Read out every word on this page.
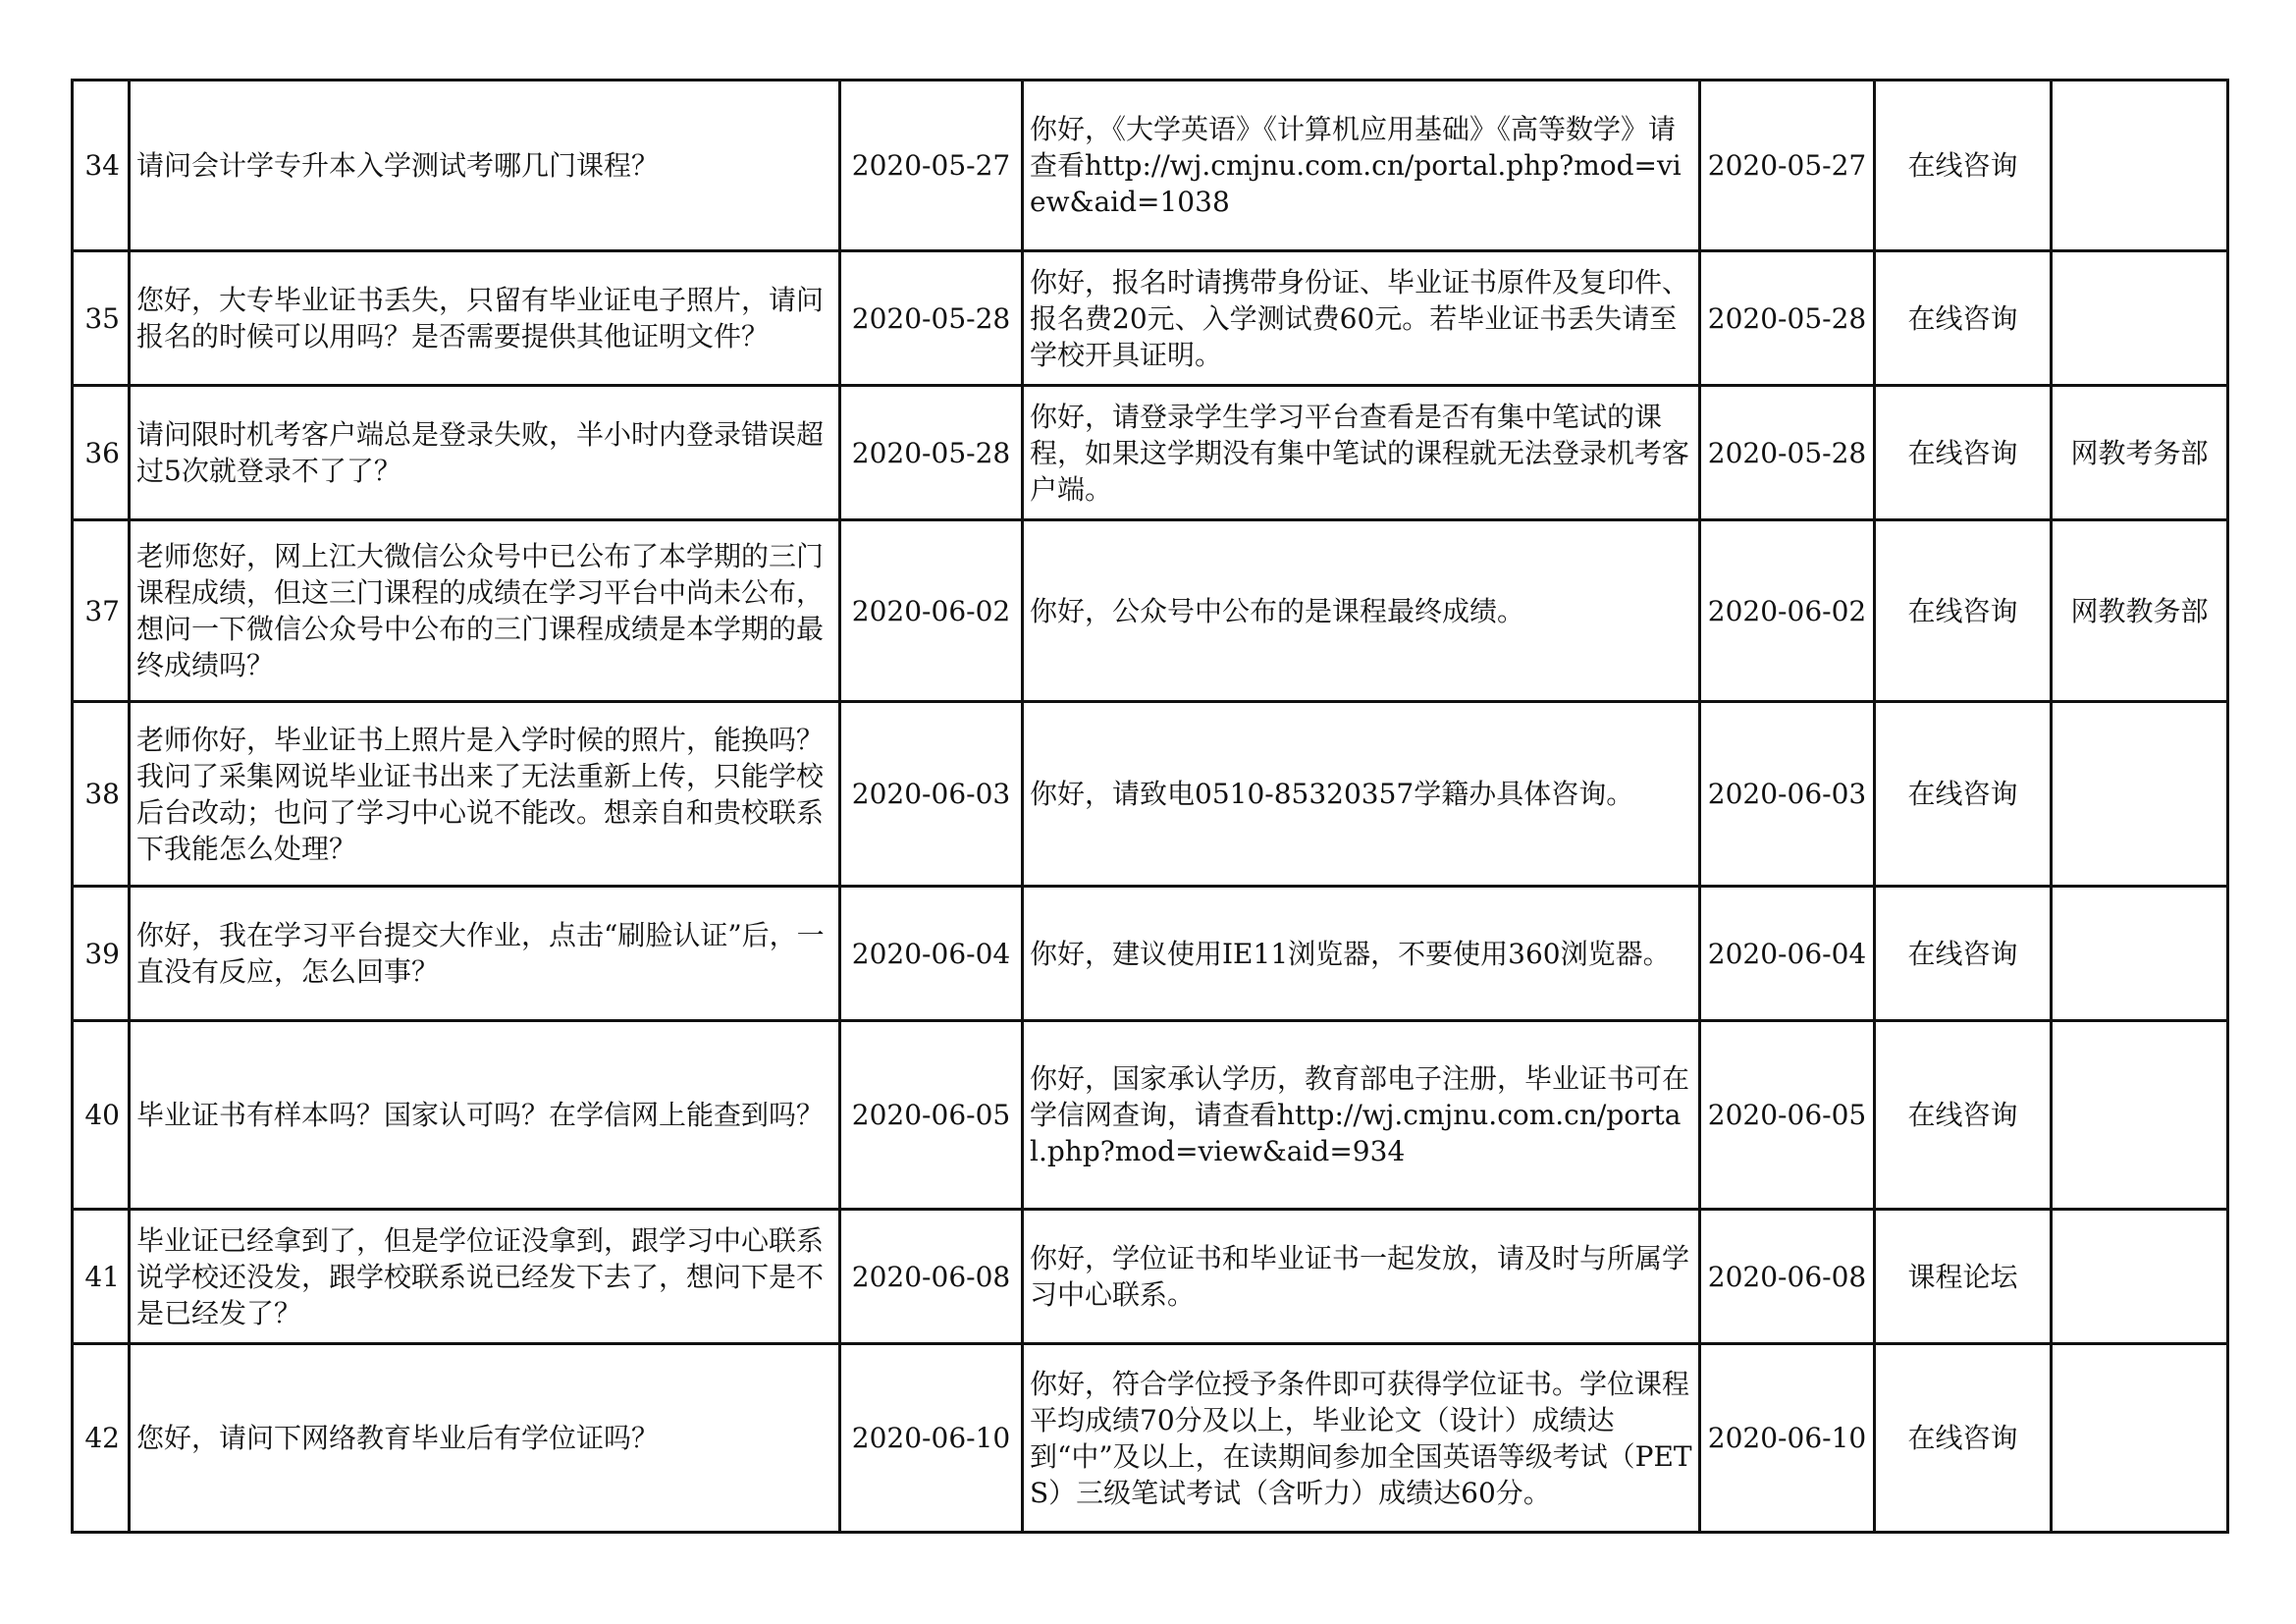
34	请问会计学专升本入学测试考哪几门课程？	2020-05-27	你好，《大学英语》《计算机应用基础》《高等数学》请查看http://wj.cmjnu.com.cn/portal.php?mod=view&aid=1038	2020-05-27	在线咨询	
35	您好，大专毕业证书丢失，只留有毕业证电子照片，请问报名的时候可以用吗？是否需要提供其他证明文件？	2020-05-28	你好，报名时请携带身份证、毕业证书原件及复印件、报名费20元、入学测试费60元。若毕业证书丢失请至学校开具证明。	2020-05-28	在线咨询	
36	请问限时机考客户端总是登录失败，半小时内登录错误超过5次就登录不了了？	2020-05-28	你好，请登录学生学习平台查看是否有集中笔试的课程，如果这学期没有集中笔试的课程就无法登录机考客户端。	2020-05-28	在线咨询	网教考务部
37	老师您好，网上江大微信公众号中已公布了本学期的三门课程成绩，但这三门课程的成绩在学习平台中尚未公布，想问一下微信公众号中公布的三门课程成绩是本学期的最终成绩吗？	2020-06-02	你好，公众号中公布的是课程最终成绩。	2020-06-02	在线咨询	网教教务部
38	老师你好，毕业证书上照片是入学时候的照片，能换吗？我问了采集网说毕业证书出来了无法重新上传，只能学校后台改动；也问了学习中心说不能改。想亲自和贵校联系下我能怎么处理？	2020-06-03	你好，请致电0510-85320357学籍办具体咨询。	2020-06-03	在线咨询	
39	你好，我在学习平台提交大作业，点击“刷脸认证”后，一直没有反应，怎么回事？	2020-06-04	你好，建议使用IE11浏览器，不要使用360浏览器。	2020-06-04	在线咨询	
40	毕业证书有样本吗？国家认可吗？在学信网上能查到吗？	2020-06-05	你好，国家承认学历，教育部电子注册，毕业证书可在学信网查询，请查看http://wj.cmjnu.com.cn/portal.php?mod=view&aid=934	2020-06-05	在线咨询	
41	毕业证已经拿到了，但是学位证没拿到，跟学习中心联系说学校还没发，跟学校联系说已经发下去了，想问下是不是已经发了？	2020-06-08	你好，学位证书和毕业证书一起发放，请及时与所属学习中心联系。	2020-06-08	课程论坛	
42	您好，请问下网络教育毕业后有学位证吗？	2020-06-10	你好，符合学位授予条件即可获得学位证书。学位课程平均成绩70分及以上，毕业论文（设计）成绩达到“中”及以上，在读期间参加全国英语等级考试（PETS）三级笔试考试（含听力）成绩达60分。	2020-06-10	在线咨询	
